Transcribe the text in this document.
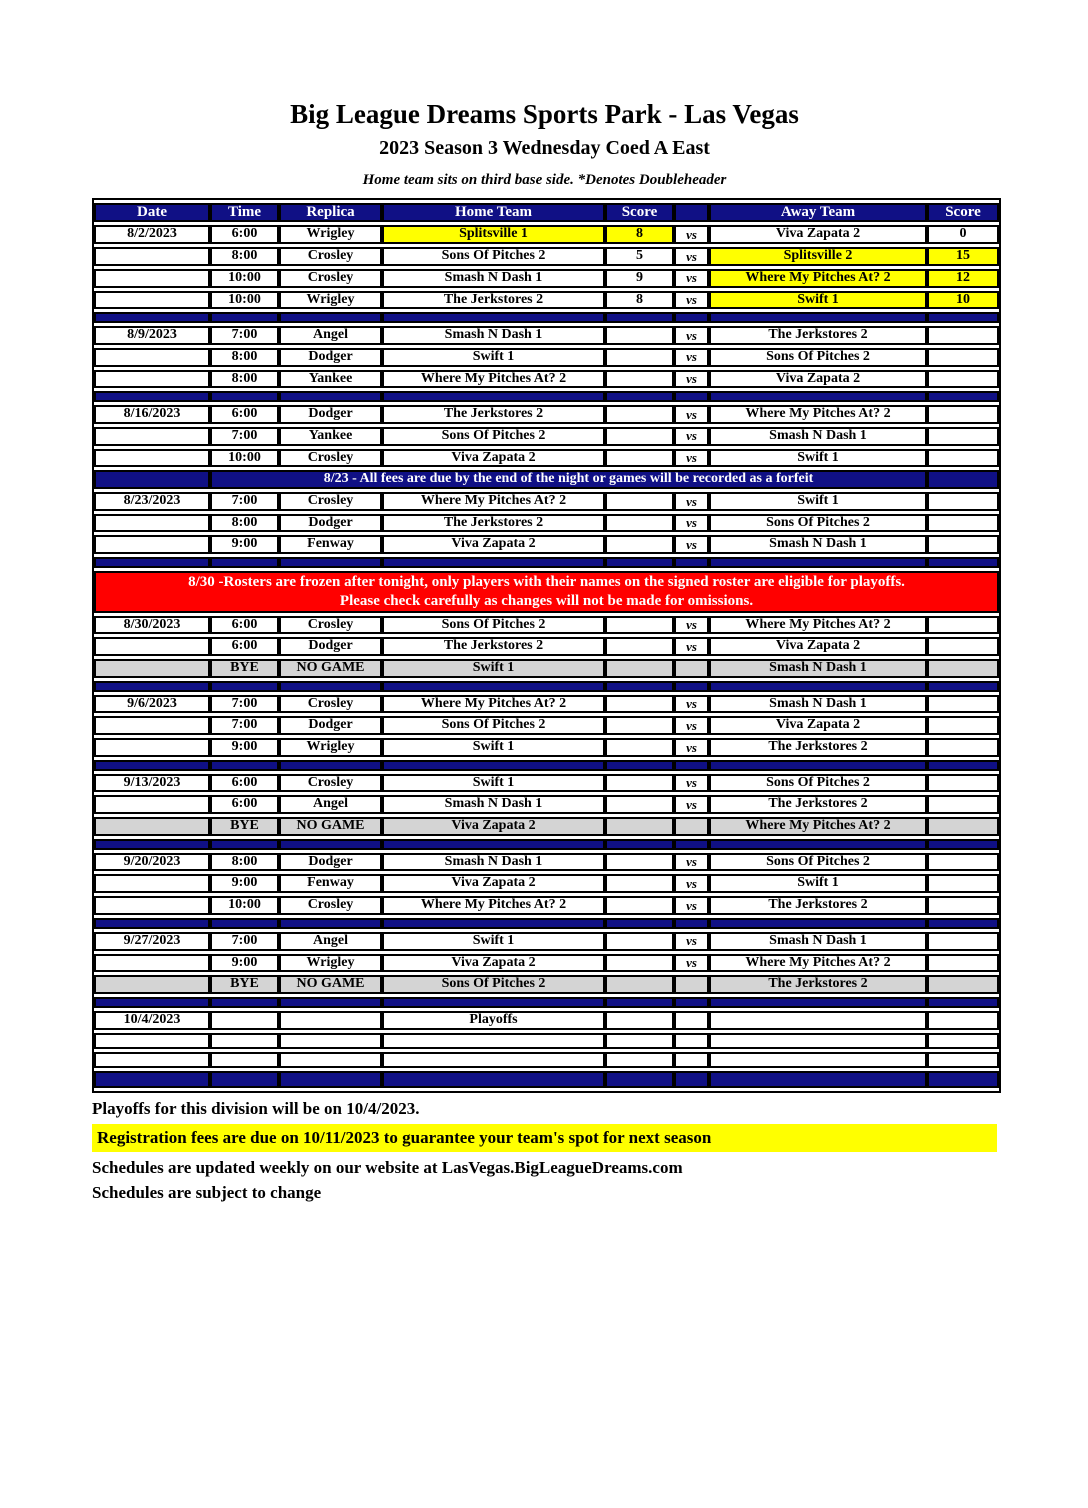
Big League Dreams Sports Park - Las Vegas
2023 Season 3 Wednesday Coed A East
Home team sits on third base side. *Denotes Doubleheader
Date	Time	Replica	Home Team	Score		Away Team	Score
8/2/2023	6:00	Wrigley	Splitsville 1	8	vs	Viva Zapata 2	0
	8:00	Crosley	Sons Of Pitches 2	5	vs	Splitsville 2	15
	10:00	Crosley	Smash N Dash 1	9	vs	Where My Pitches At? 2	12
	10:00	Wrigley	The Jerkstores 2	8	vs	Swift 1	10

8/9/2023	7:00	Angel	Smash N Dash 1		vs	The Jerkstores 2	
	8:00	Dodger	Swift 1		vs	Sons Of Pitches 2	
	8:00	Yankee	Where My Pitches At? 2		vs	Viva Zapata 2	

8/16/2023	6:00	Dodger	The Jerkstores 2		vs	Where My Pitches At? 2	
	7:00	Yankee	Sons Of Pitches 2		vs	Smash N Dash 1	
	10:00	Crosley	Viva Zapata 2		vs	Swift 1	
	8/23 - All fees are due by the end of the night or games will be recorded as a forfeit						
8/23/2023	7:00	Crosley	Where My Pitches At? 2		vs	Swift 1	
	8:00	Dodger	The Jerkstores 2		vs	Sons Of Pitches 2	
	9:00	Fenway	Viva Zapata 2		vs	Smash N Dash 1	

8/30 -Rosters are frozen after tonight, only players with their names on the signed roster are eligible for playoffs.
Please check carefully as changes will not be made for omissions.							

8/30/2023	6:00	Crosley	Sons Of Pitches 2		vs	Where My Pitches At? 2	
	6:00	Dodger	The Jerkstores 2		vs	Viva Zapata 2	
	BYE	NO GAME	Swift 1			Smash N Dash 1	

9/6/2023	7:00	Crosley	Where My Pitches At? 2		vs	Smash N Dash 1	
	7:00	Dodger	Sons Of Pitches 2		vs	Viva Zapata 2	
	9:00	Wrigley	Swift 1		vs	The Jerkstores 2	

9/13/2023	6:00	Crosley	Swift 1		vs	Sons Of Pitches 2	
	6:00	Angel	Smash N Dash 1		vs	The Jerkstores 2	
	BYE	NO GAME	Viva Zapata 2			Where My Pitches At? 2	

9/20/2023	8:00	Dodger	Smash N Dash 1		vs	Sons Of Pitches 2	
	9:00	Fenway	Viva Zapata 2		vs	Swift 1	
	10:00	Crosley	Where My Pitches At? 2		vs	The Jerkstores 2	

9/27/2023	7:00	Angel	Swift 1		vs	Smash N Dash 1	
	9:00	Wrigley	Viva Zapata 2		vs	Where My Pitches At? 2	
	BYE	NO GAME	Sons Of Pitches 2			The Jerkstores 2	

10/4/2023			Playoffs				

Playoffs for this division will be on 10/4/2023.
Registration fees are due on 10/11/2023 to guarantee your team's spot for next season
Schedules are updated weekly on our website at LasVegas.BigLeagueDreams.com
Schedules are subject to change
